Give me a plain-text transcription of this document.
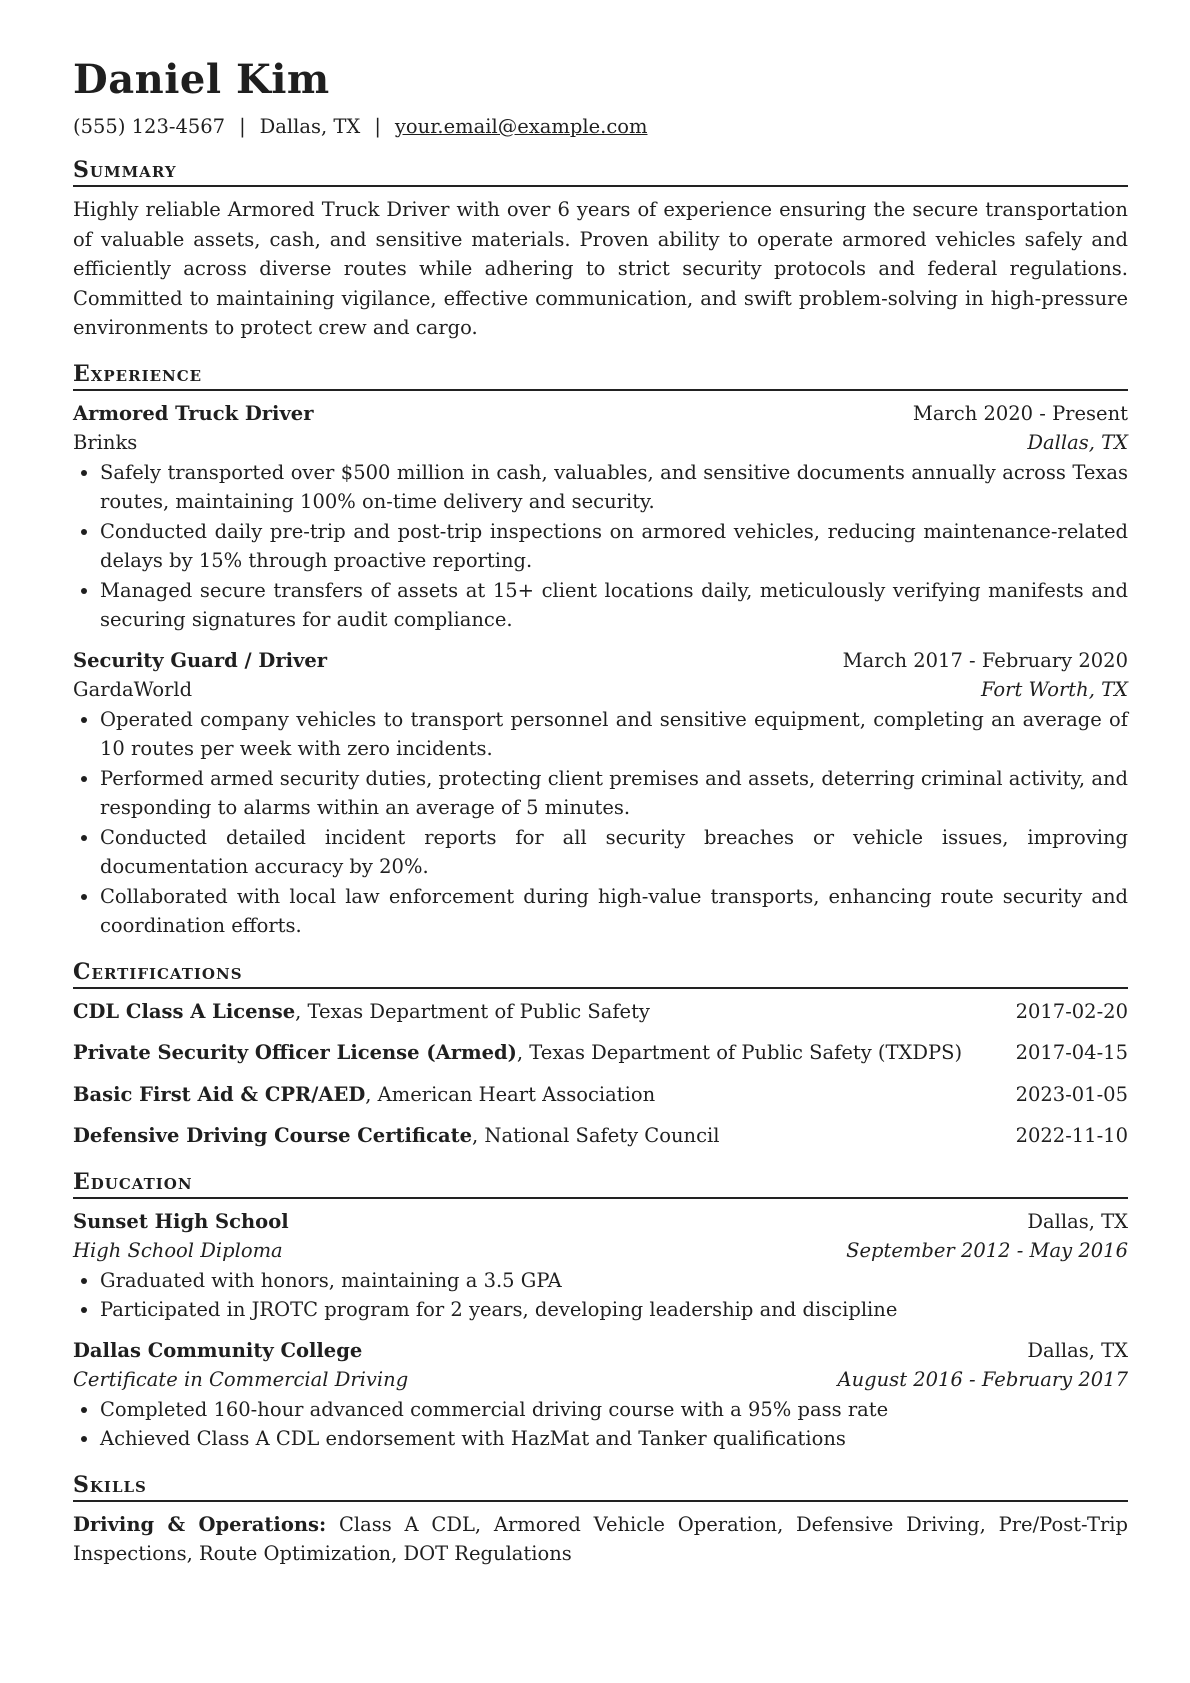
Daniel Kim
(555) 123-4567 | Dallas, TX | your.email@example.com
Summary

Highly reliable Armored Truck Driver with over 6 years of experience ensuring the secure transportation of valuable assets, cash, and sensitive materials. Proven ability to operate armored vehicles safely and efficiently across diverse routes while adhering to strict security protocols and federal regulations. Committed to maintaining vigilance, effective communication, and swift problem-solving in high-pressure environments to protect crew and cargo.

Experience
Armored Truck Driver	March 2020 - Present
Brinks	Dallas, TX
• Safely transported over $500 million in cash, valuables, and sensitive documents annually across Texas routes, maintaining 100% on-time delivery and security.
• Conducted daily pre-trip and post-trip inspections on armored vehicles, reducing maintenance-related delays by 15% through proactive reporting.
• Managed secure transfers of assets at 15+ client locations daily, meticulously verifying manifests and securing signatures for audit compliance.
Security Guard / Driver	March 2017 - February 2020
GardaWorld	Fort Worth, TX
• Operated company vehicles to transport personnel and sensitive equipment, completing an average of 10 routes per week with zero incidents.
• Performed armed security duties, protecting client premises and assets, deterring criminal activity, and responding to alarms within an average of 5 minutes.
• Conducted detailed incident reports for all security breaches or vehicle issues, improving documentation accuracy by 20%.
• Collaborated with local law enforcement during high-value transports, enhancing route security and coordination efforts.
Certifications
CDL Class A License, Texas Department of Public Safety	2017-02-20
Private Security Officer License (Armed), Texas Department of Public Safety (TXDPS)	2017-04-15
Basic First Aid & CPR/AED, American Heart Association	2023-01-05
Defensive Driving Course Certificate, National Safety Council	2022-11-10
Education
Sunset High School	Dallas, TX
High School Diploma	September 2012 - May 2016
• Graduated with honors, maintaining a 3.5 GPA
• Participated in JROTC program for 2 years, developing leadership and discipline
Dallas Community College	Dallas, TX
Certificate in Commercial Driving	August 2016 - February 2017
• Completed 160-hour advanced commercial driving course with a 95% pass rate
• Achieved Class A CDL endorsement with HazMat and Tanker qualifications
Skills

Driving & Operations: Class A CDL, Armored Vehicle Operation, Defensive Driving, Pre/Post-Trip Inspections, Route Optimization, DOT Regulations
